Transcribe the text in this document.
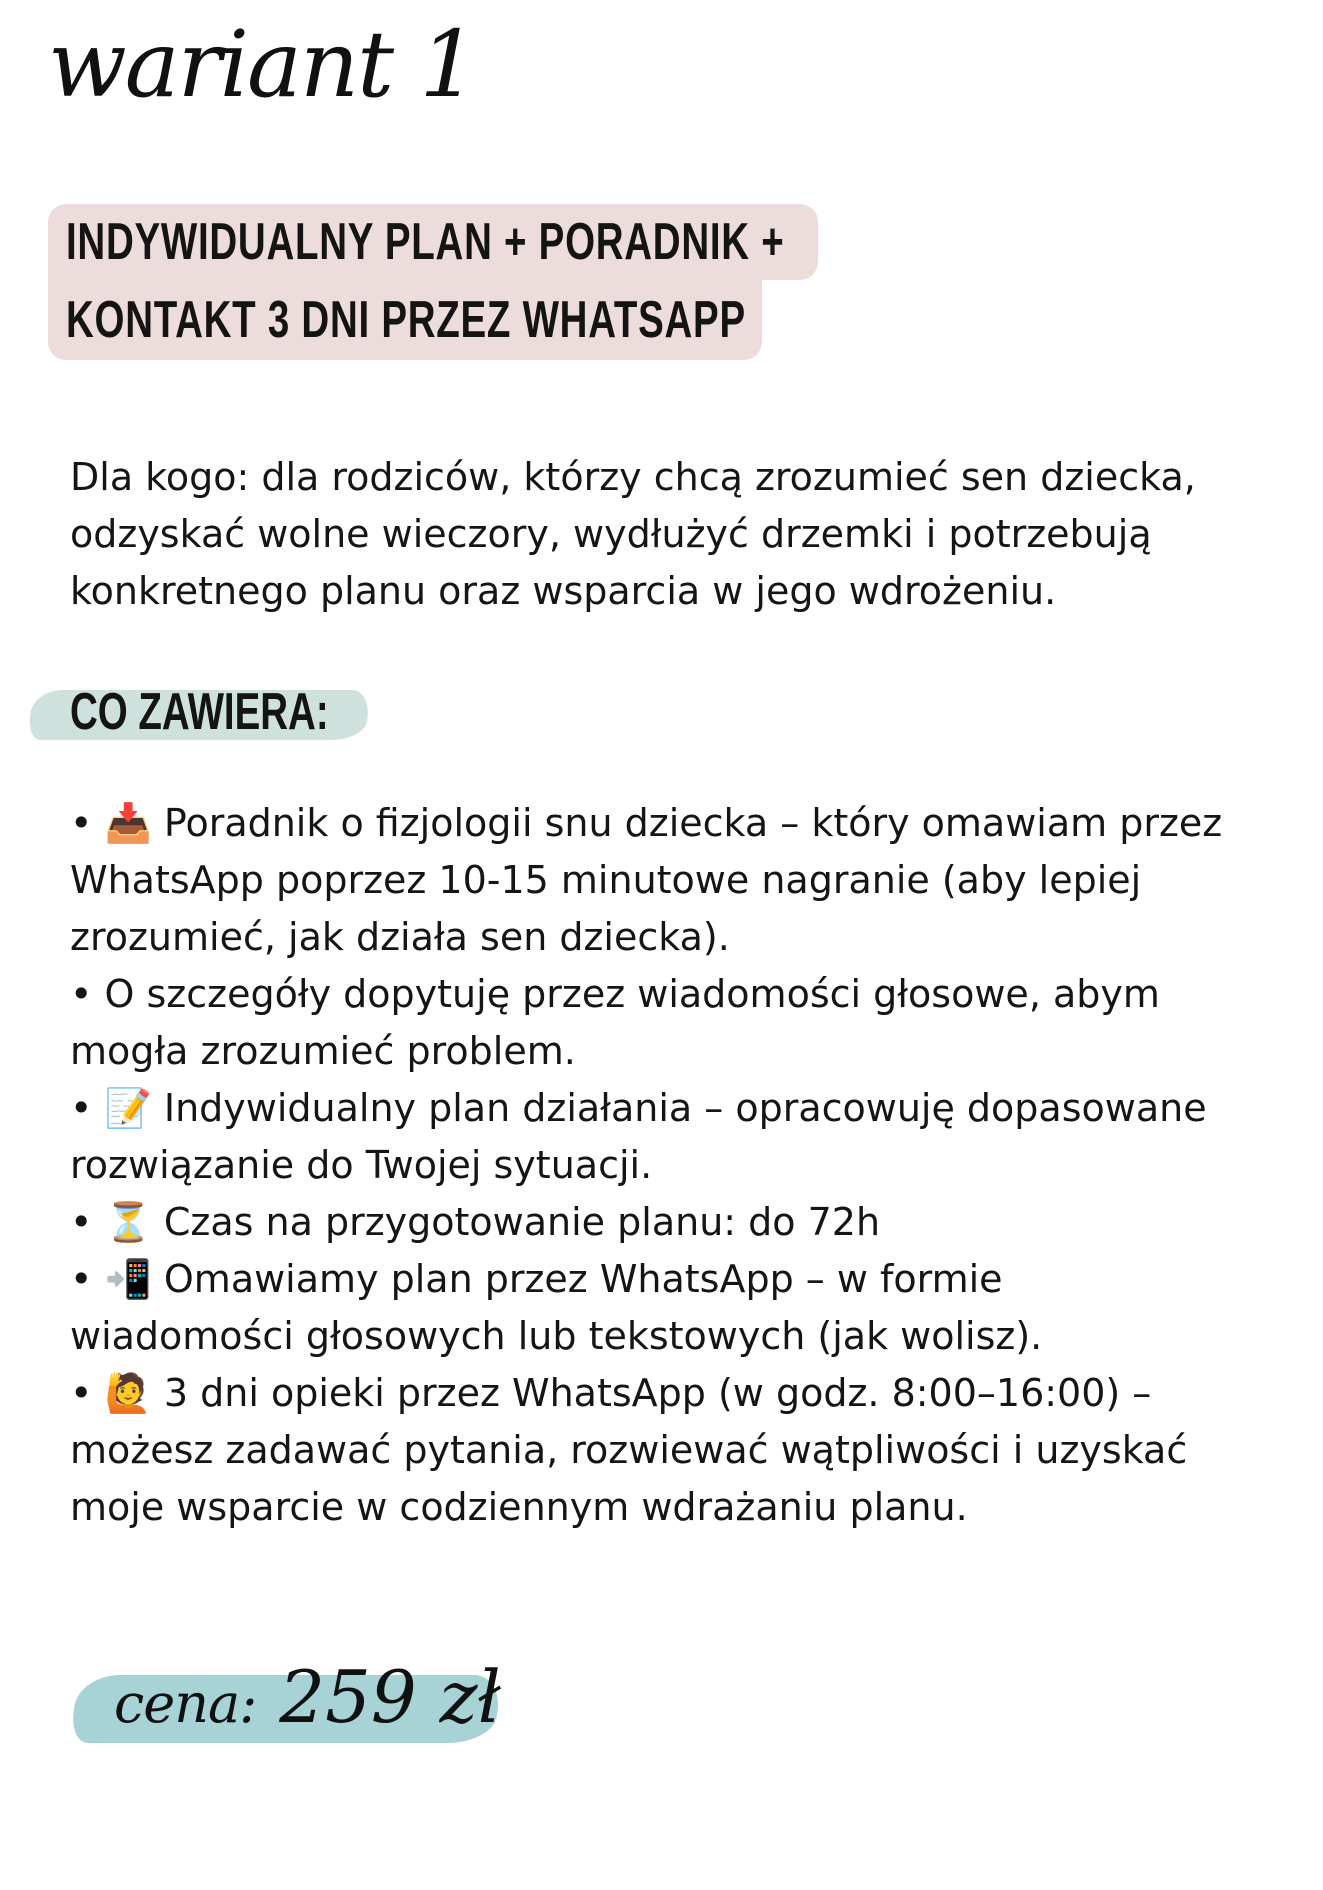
wariant 1
INDYWIDUALNY PLAN + PORADNIK +
KONTAKT 3 DNI PRZEZ WHATSAPP
Dla kogo: dla rodziców, którzy chcą zrozumieć sen dziecka,
odzyskać wolne wieczory, wydłużyć drzemki i potrzebują
konkretnego planu oraz wsparcia w jego wdrożeniu.
CO ZAWIERA:
• 📥 Poradnik o fizjologii snu dziecka – który omawiam przez
WhatsApp poprzez 10-15 minutowe nagranie (aby lepiej
zrozumieć, jak działa sen dziecka).
• O szczegóły dopytuję przez wiadomości głosowe, abym
mogła zrozumieć problem.
• 📝 Indywidualny plan działania – opracowuję dopasowane
rozwiązanie do Twojej sytuacji.
• ⏳ Czas na przygotowanie planu: do 72h
• 📲 Omawiamy plan przez WhatsApp – w formie
wiadomości głosowych lub tekstowych (jak wolisz).
• 🙋 3 dni opieki przez WhatsApp (w godz. 8:00–16:00) –
możesz zadawać pytania, rozwiewać wątpliwości i uzyskać
moje wsparcie w codziennym wdrażaniu planu.
cena: 259 zł
